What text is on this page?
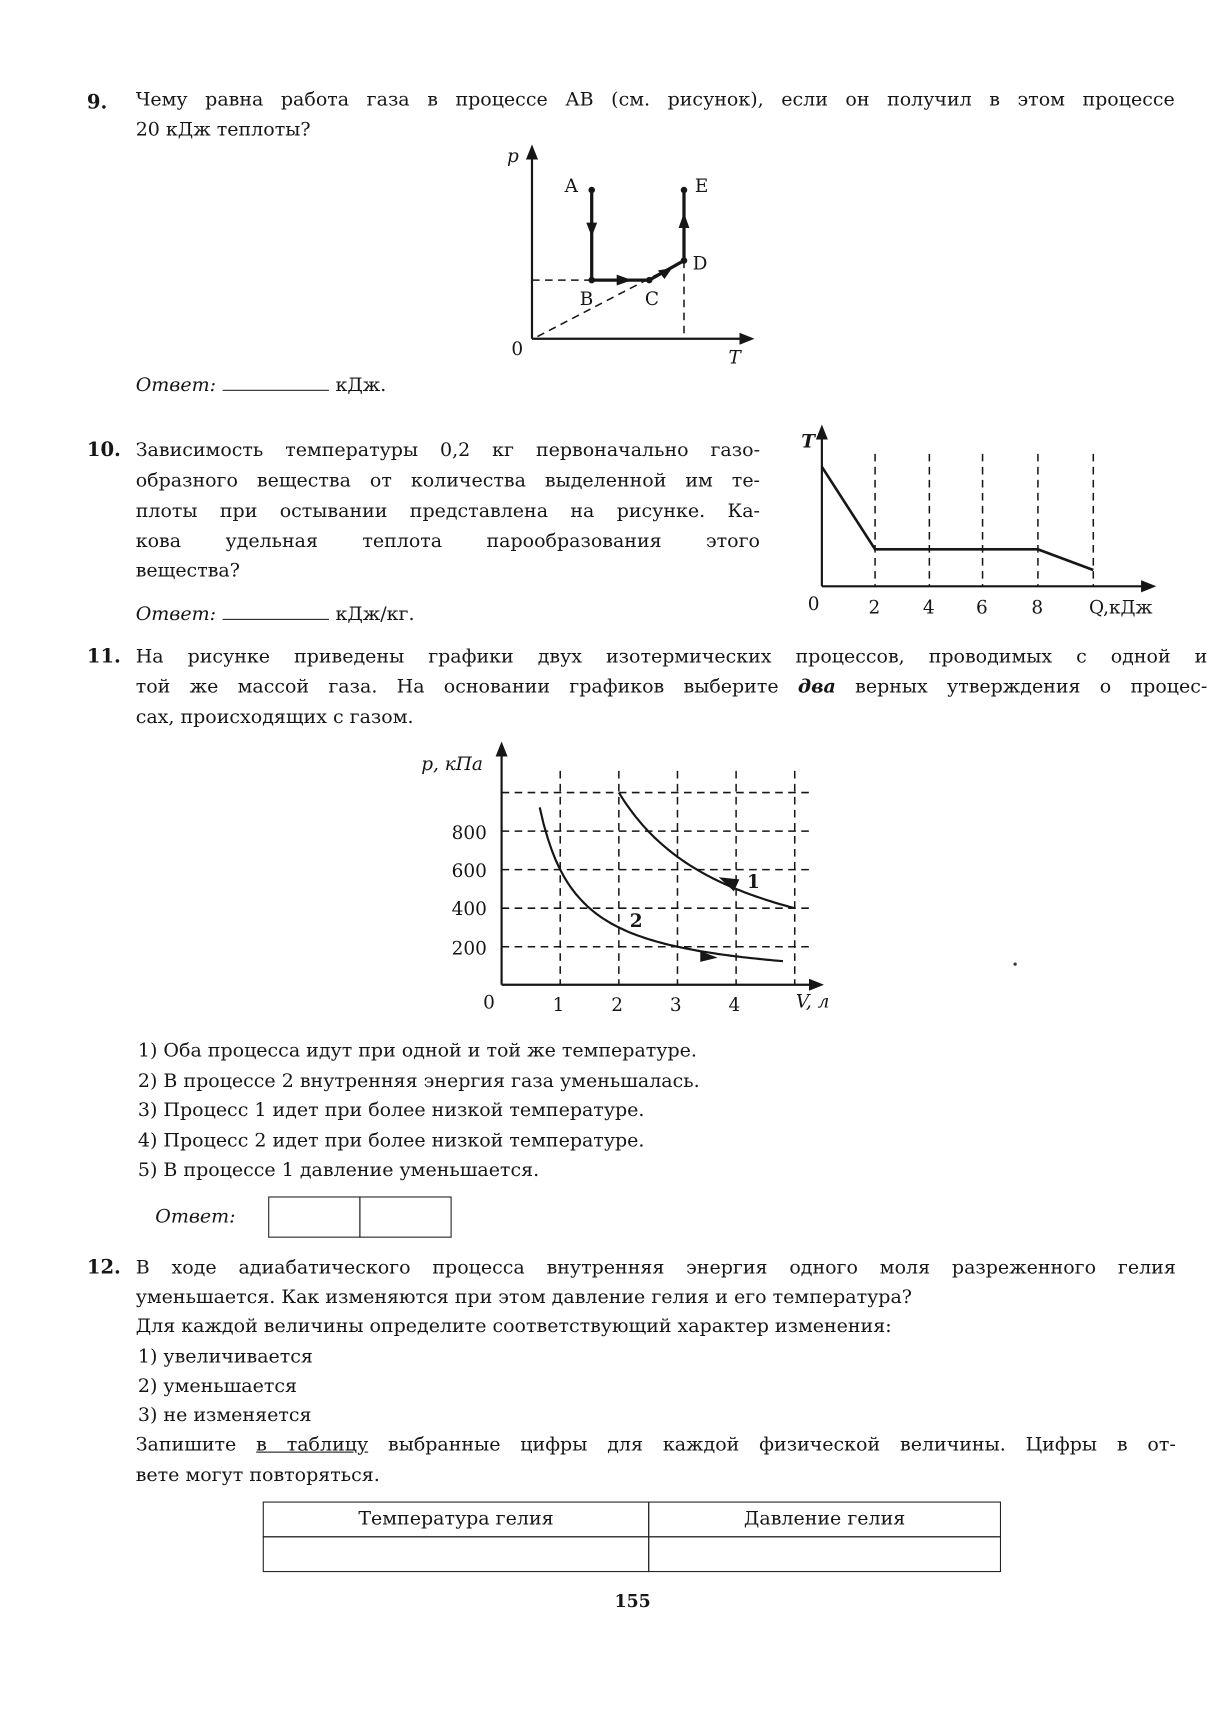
9. Чему равна работа газа в процессе АВ (см. рисунок), если он получил в этом процессе
20 кДж теплоты?
p
0	T
A
B	C
D
E
Ответ:	кДж.
10. Зависимость температуры 0,2 кг первоначально газо-
образного вещества от количества выделенной им те-
плоты при остывании представлена на рисунке. Ка-
кова удельная теплота парообразования этого
вещества?
Ответ:	кДж/кг.
T
0	2	4 6	8	Q,кДж
11. На рисунке приведены графики двух изотермических процессов, проводимых с одной и
той же массой газа. На основании графиков выберите два верных утверждения о процес-
сах, происходящих с газом.
p, кПа
800
600
400
200
0	1	2	3	4	V, л
1
2
1) Оба процесса идут при одной и той же температуре.
2) В процессе 2 внутренняя энергия газа уменьшалась.
3) Процесс 1 идет при более низкой температуре.
4) Процесс 2 идет при более низкой температуре.
5) В процессе 1 давление уменьшается.
Ответ:
12. В ходе адиабатического процесса внутренняя энергия одного моля разреженного гелия
уменьшается. Как изменяются при этом давление гелия и его температура?
Для каждой величины определите соответствующий характер изменения:
1) увеличивается
2) уменьшается
3) не изменяется
Запишите в таблицу выбранные цифры для каждой физической величины. Цифры в от-
вете могут повторяться.
Температура гелия	Давление гелия
155
